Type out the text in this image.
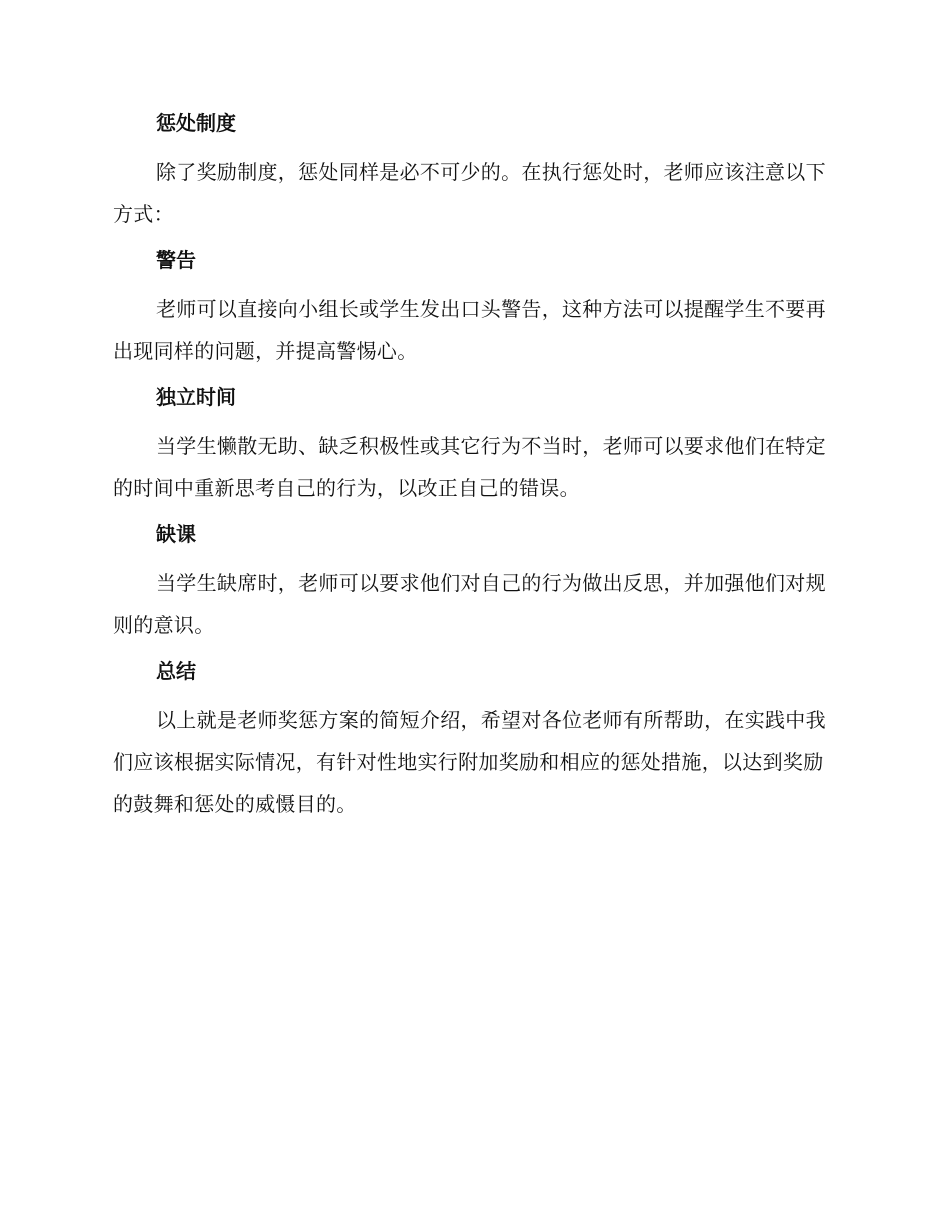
惩处制度

除了奖励制度，惩处同样是必不可少的。在执行惩处时，老师应该注意以下方式：

警告

老师可以直接向小组长或学生发出口头警告，这种方法可以提醒学生不要再出现同样的问题，并提高警惕心。

独立时间

当学生懒散无助、缺乏积极性或其它行为不当时，老师可以要求他们在特定的时间中重新思考自己的行为，以改正自己的错误。

缺课

当学生缺席时，老师可以要求他们对自己的行为做出反思，并加强他们对规则的意识。

总结

以上就是老师奖惩方案的简短介绍，希望对各位老师有所帮助，在实践中我们应该根据实际情况，有针对性地实行附加奖励和相应的惩处措施，以达到奖励的鼓舞和惩处的威慑目的。
